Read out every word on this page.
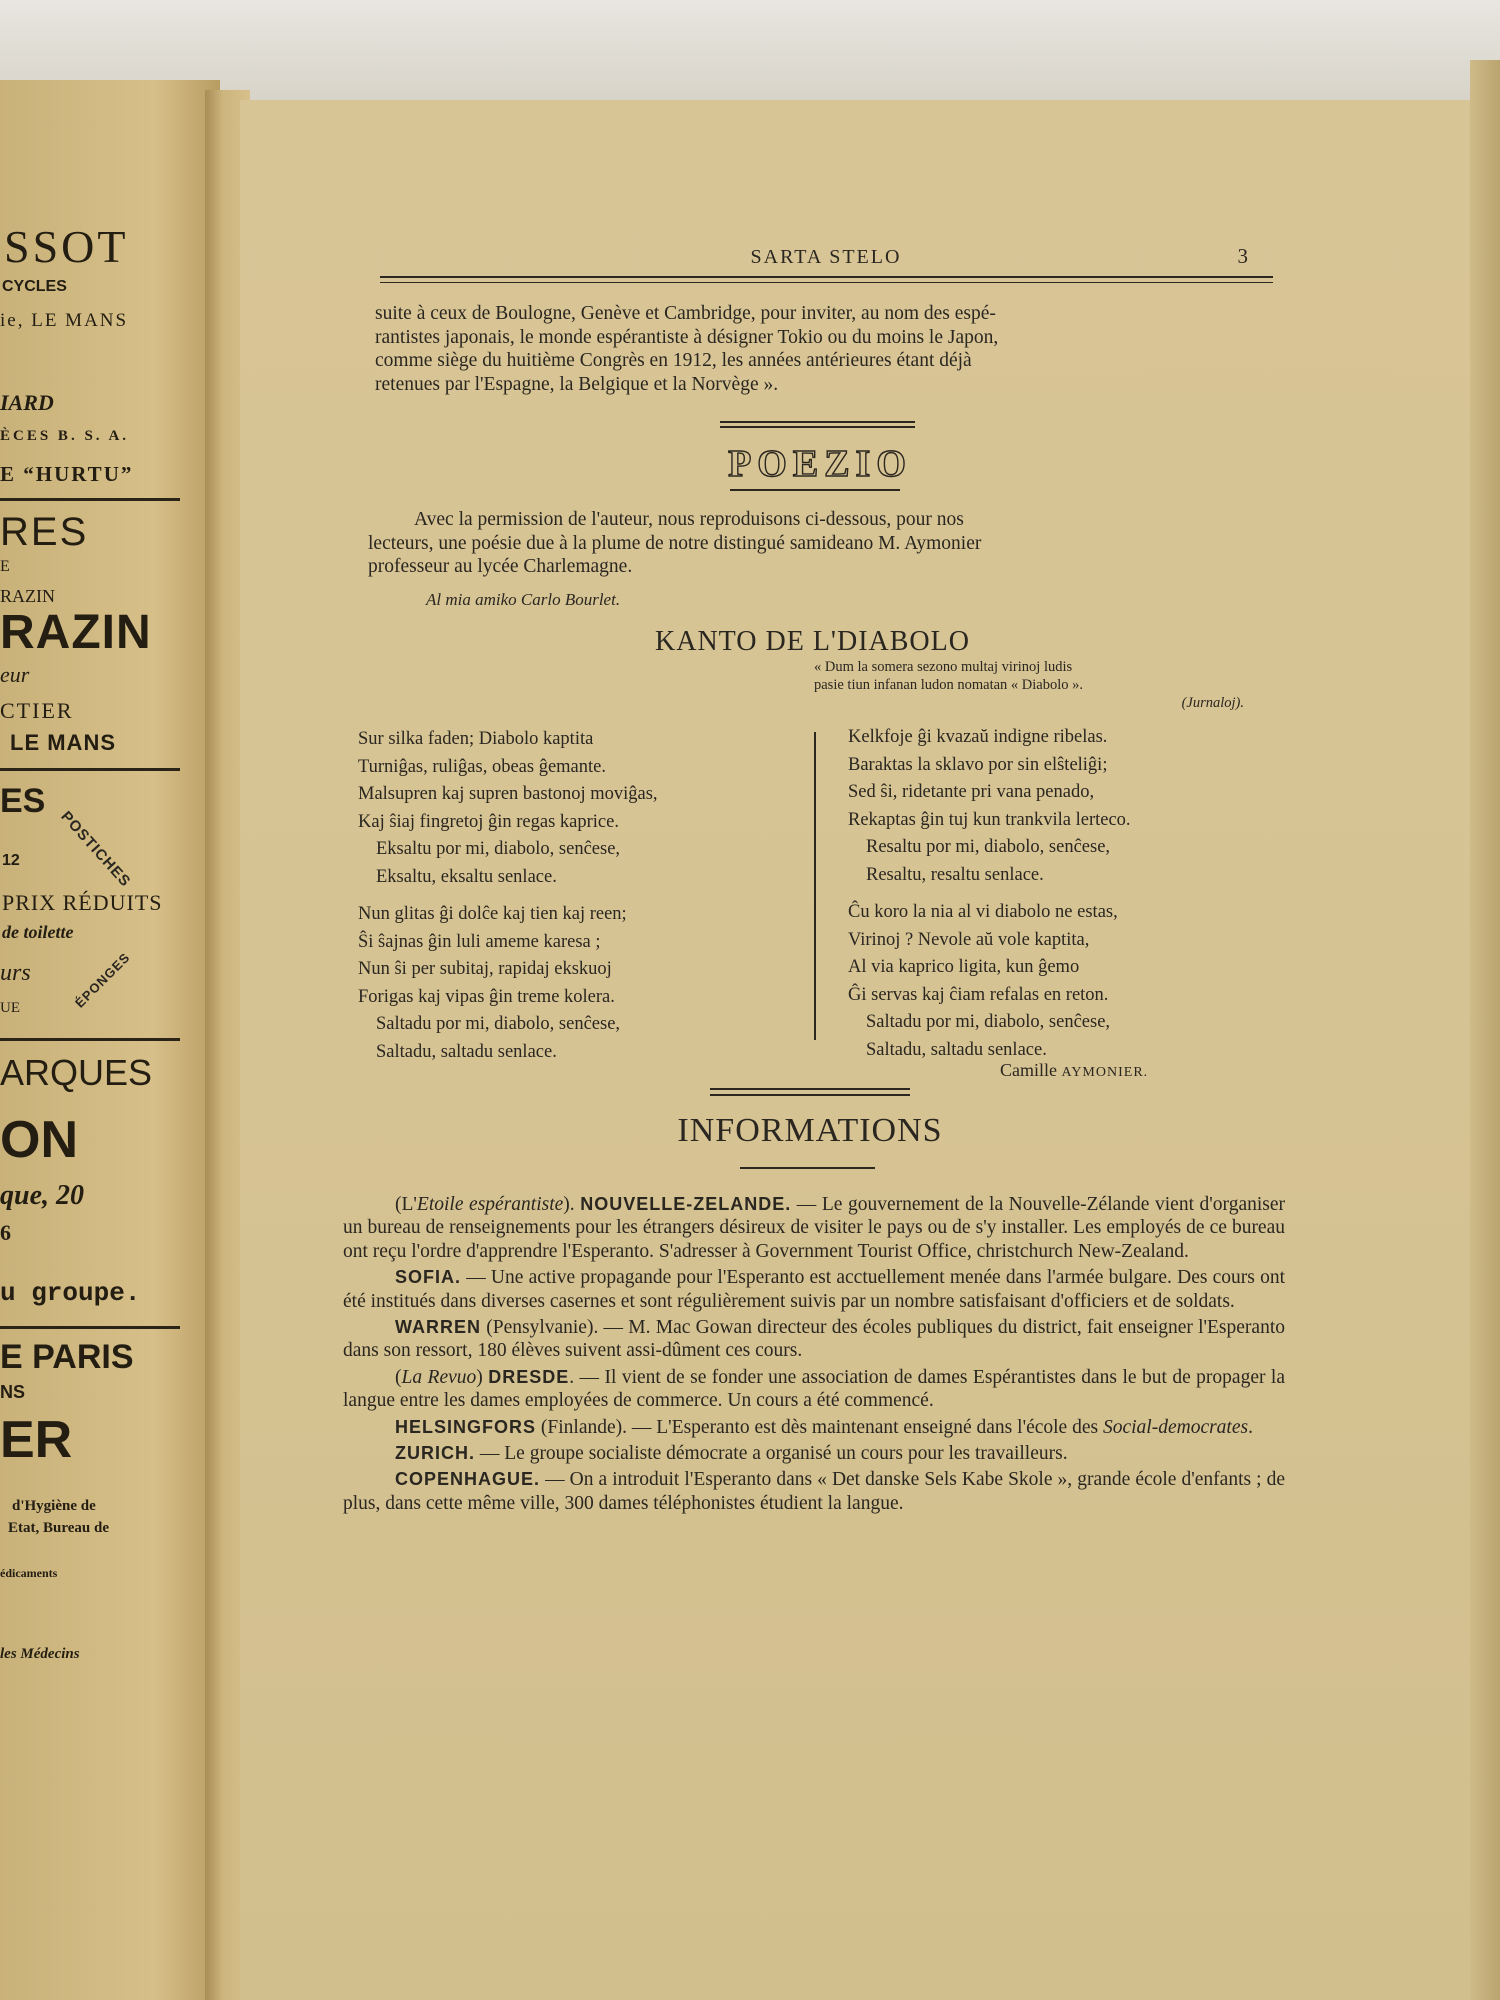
SSOT
CYCLES
ie, LE MANS
IARD
ÈCES B. S. A.
E “HURTU”
RES
E
RAZIN
RAZIN
eur
CTIER
LE MANS
ES
POSTICHES
12
PRIX RÉDUITS
de toilette
urs
UE	ÉPONGES
ARQUES
ON
que, 20
6
u groupe.
E PARIS
NS
ER
d'Hygiène de
Etat, Bureau de
édicaments
les Médecins
SARTA STELO	3

suite à ceux de Boulogne, Genève et Cambridge, pour inviter, au nom des espé-

rantistes japonais, le monde espérantiste à désigner Tokio ou du moins le Japon,

comme siège du huitième Congrès en 1912, les années antérieures étant déjà

retenues par l'Espagne, la Belgique et la Norvège ».

POEZIO

Avec la permission de l'auteur, nous reproduisons ci-dessous, pour nos

lecteurs, une poésie due à la plume de notre distingué samideano M. Aymonier

professeur au lycée Charlemagne.

Al mia amiko Carlo Bourlet.
KANTO DE L'DIABOLO
« Dum la somera sezono multaj virinoj ludis
pasie tiun infanan ludon nomatan « Diabolo ».
(Jurnaloj).
Sur silka faden; Diabolo kaptita
Turniĝas, ruliĝas, obeas ĝemante.
Malsupren kaj supren bastonoj moviĝas,
Kaj ŝiaj fingretoj ĝin regas kaprice.
Eksaltu por mi, diabolo, senĉese,
Eksaltu, eksaltu senlace.
Nun glitas ĝi dolĉe kaj tien kaj reen;
Ŝi ŝajnas ĝin luli ameme karesa ;
Nun ŝi per subitaj, rapidaj ekskuoj
Forigas kaj vipas ĝin treme kolera.
Saltadu por mi, diabolo, senĉese,
Saltadu, saltadu senlace.
Kelkfoje ĝi kvazaŭ indigne ribelas.
Baraktas la sklavo por sin elŝteliĝi;
Sed ŝi, ridetante pri vana penado,
Rekaptas ĝin tuj kun trankvila lerteco.
Resaltu por mi, diabolo, senĉese,
Resaltu, resaltu senlace.
Ĉu koro la nia al vi diabolo ne estas,
Virinoj ? Nevole aŭ vole kaptita,
Al via kaprico ligita, kun ĝemo
Ĝi servas kaj ĉiam refalas en reton.
Saltadu por mi, diabolo, senĉese,
Saltadu, saltadu senlace.
Camille AYMONIER.
INFORMATIONS

(L'Etoile espérantiste). NOUVELLE-ZELANDE. — Le gouvernement de la Nouvelle-Zélande vient d'organiser un bureau de renseignements pour les étrangers désireux de visiter le pays ou de s'y installer. Les employés de ce bureau ont reçu l'ordre d'apprendre l'Esperanto. S'adresser à Government Tourist Office, christchurch New-Zealand.

SOFIA. — Une active propagande pour l'Esperanto est acctuellement menée dans l'armée bulgare. Des cours ont été institués dans diverses casernes et sont régulièrement suivis par un nombre satisfaisant d'officiers et de soldats.

WARREN (Pensylvanie). — M. Mac Gowan directeur des écoles publiques du district, fait enseigner l'Esperanto dans son ressort, 180 élèves suivent assi-dûment ces cours.

(La Revuo) DRESDE. — Il vient de se fonder une association de dames Espérantistes dans le but de propager la langue entre les dames employées de commerce. Un cours a été commencé.

HELSINGFORS (Finlande). — L'Esperanto est dès maintenant enseigné dans l'école des Social-democrates.

ZURICH. — Le groupe socialiste démocrate a organisé un cours pour les travailleurs.

COPENHAGUE. — On a introduit l'Esperanto dans « Det danske Sels Kabe Skole », grande école d'enfants ; de plus, dans cette même ville, 300 dames téléphonistes étudient la langue.
